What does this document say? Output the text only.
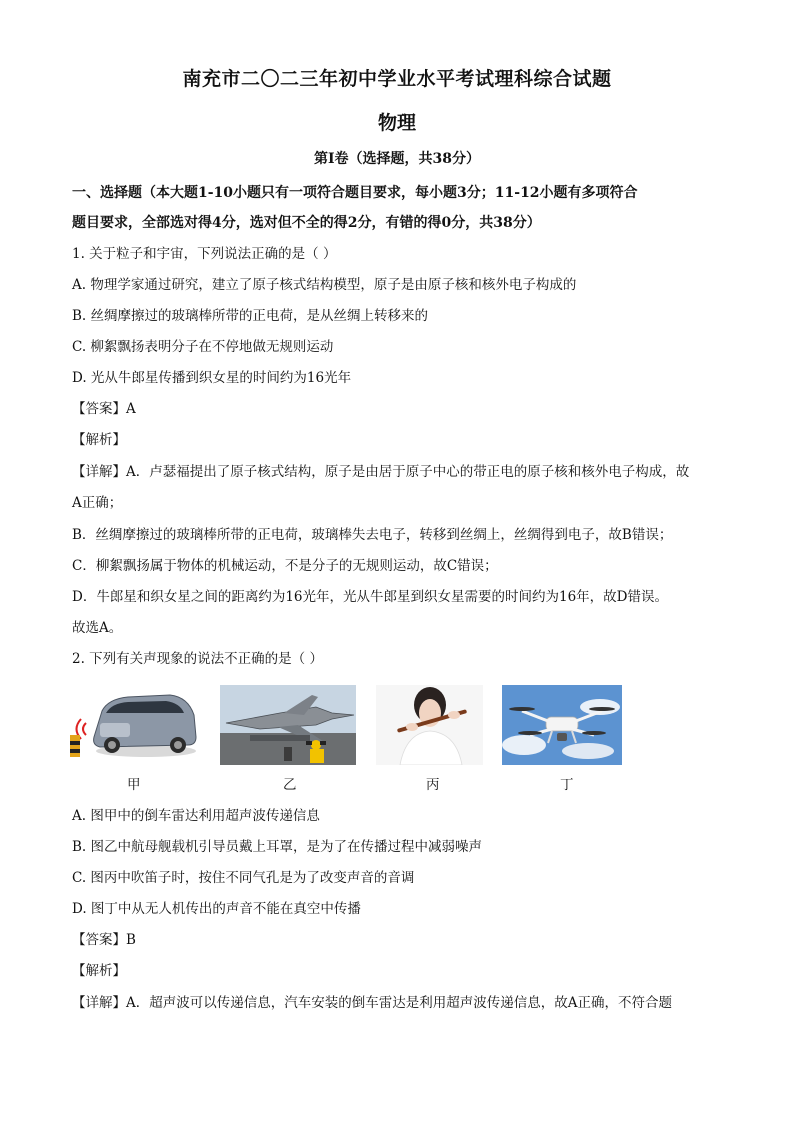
南充市二〇二三年初中学业水平考试理科综合试题
物理
第Ⅰ卷（选择题，共38分）
一、选择题（本大题1-10小题只有一项符合题目要求，每小题3分；11-12小题有多项符合
题目要求，全部选对得4分，选对但不全的得2分，有错的得0分，共38分）
1. 关于粒子和宇宙，下列说法正确的是（ ）
A. 物理学家通过研究，建立了原子核式结构模型，原子是由原子核和核外电子构成的
B. 丝绸摩擦过的玻璃棒所带的正电荷，是从丝绸上转移来的
C. 柳絮飘扬表明分子在不停地做无规则运动
D. 光从牛郎星传播到织女星的时间约为16光年
【答案】A
【解析】
【详解】A．卢瑟福提出了原子核式结构，原子是由居于原子中心的带正电的原子核和核外电子构成，故
A正确；
B．丝绸摩擦过的玻璃棒所带的正电荷，玻璃棒失去电子，转移到丝绸上，丝绸得到电子，故B错误；
C．柳絮飘扬属于物体的机械运动，不是分子的无规则运动，故C错误；
D．牛郎星和织女星之间的距离约为16光年，光从牛郎星到织女星需要的时间约为16年，故D错误。
故选A。
2. 下列有关声现象的说法不正确的是（ ）
甲	乙	丙	丁
A. 图甲中的倒车雷达利用超声波传递信息
B. 图乙中航母舰载机引导员戴上耳罩，是为了在传播过程中减弱噪声
C. 图丙中吹笛子时，按住不同气孔是为了改变声音的音调
D. 图丁中从无人机传出的声音不能在真空中传播
【答案】B
【解析】
【详解】A．超声波可以传递信息，汽车安装的倒车雷达是利用超声波传递信息，故A正确，不符合题
